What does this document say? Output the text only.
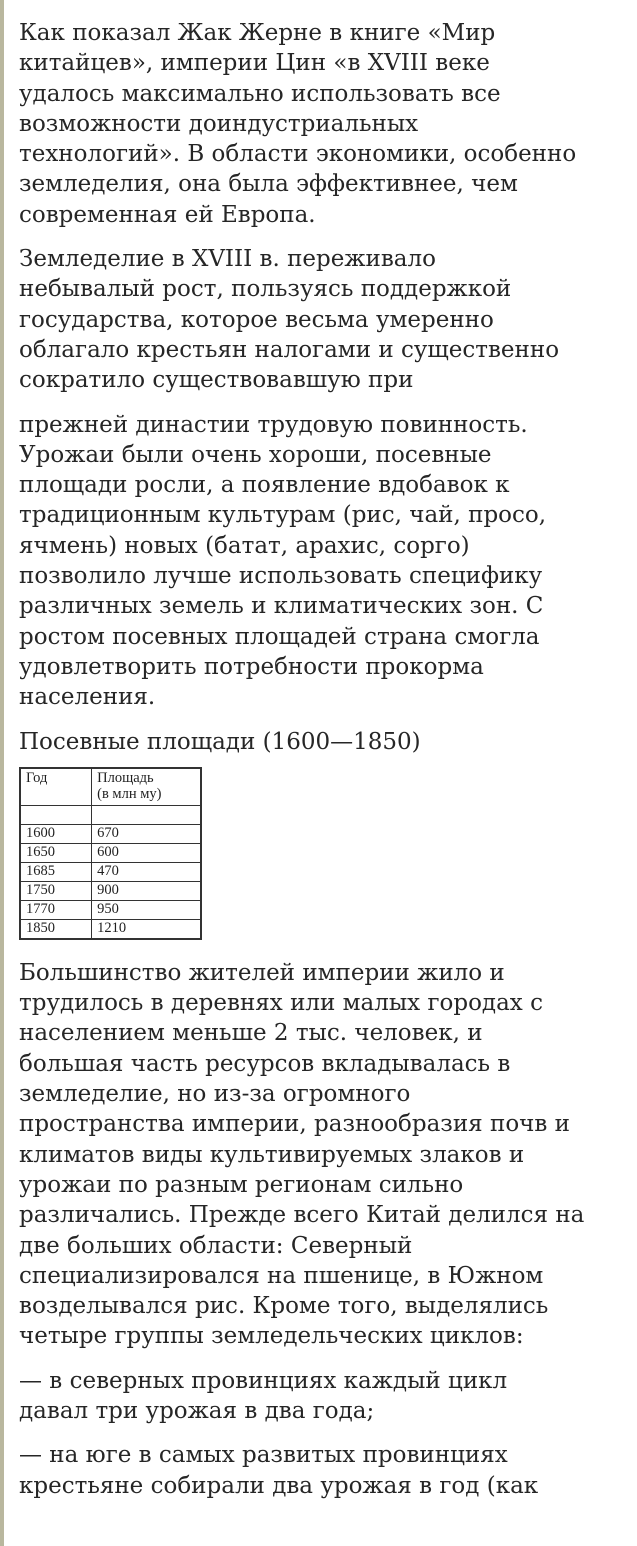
Как показал Жак Жерне в книге «Мир
китайцев», империи Цин «в XVIII веке
удалось максимально использовать все
возможности доиндустриальных
технологий». В области экономики, особенно
земледелия, она была эффективнее, чем
современная ей Европа.

Земледелие в XVIII в. переживало
небывалый рост, пользуясь поддержкой
государства, которое весьма умеренно
облагало крестьян налогами и существенно
сократило существовавшую при

прежней династии трудовую повинность.
Урожаи были очень хороши, посевные
площади росли, а появление вдобавок к
традиционным культурам (рис, чай, просо,
ячмень) новых (батат, арахис, сорго)
позволило лучше использовать специфику
различных земель и климатических зон. С
ростом посевных площадей страна смогла
удовлетворить потребности прокорма
населения.

Посевные площади (1600—1850)

Год	Площадь
(в млн му)

1600	670
1650	600
1685	470
1750	900
1770	950
1850	1210

Большинство жителей империи жило и
трудилось в деревнях или малых городах с
населением меньше 2 тыс. человек, и
большая часть ресурсов вкладывалась в
земледелие, но из-за огромного
пространства империи, разнообразия почв и
климатов виды культивируемых злаков и
урожаи по разным регионам сильно
различались. Прежде всего Китай делился на
две больших области: Северный
специализировался на пшенице, в Южном
возделывался рис. Кроме того, выделялись
четыре группы земледельческих циклов:

— в северных провинциях каждый цикл
давал три урожая в два года;

— на юге в самых развитых провинциях
крестьяне собирали два урожая в год (как
